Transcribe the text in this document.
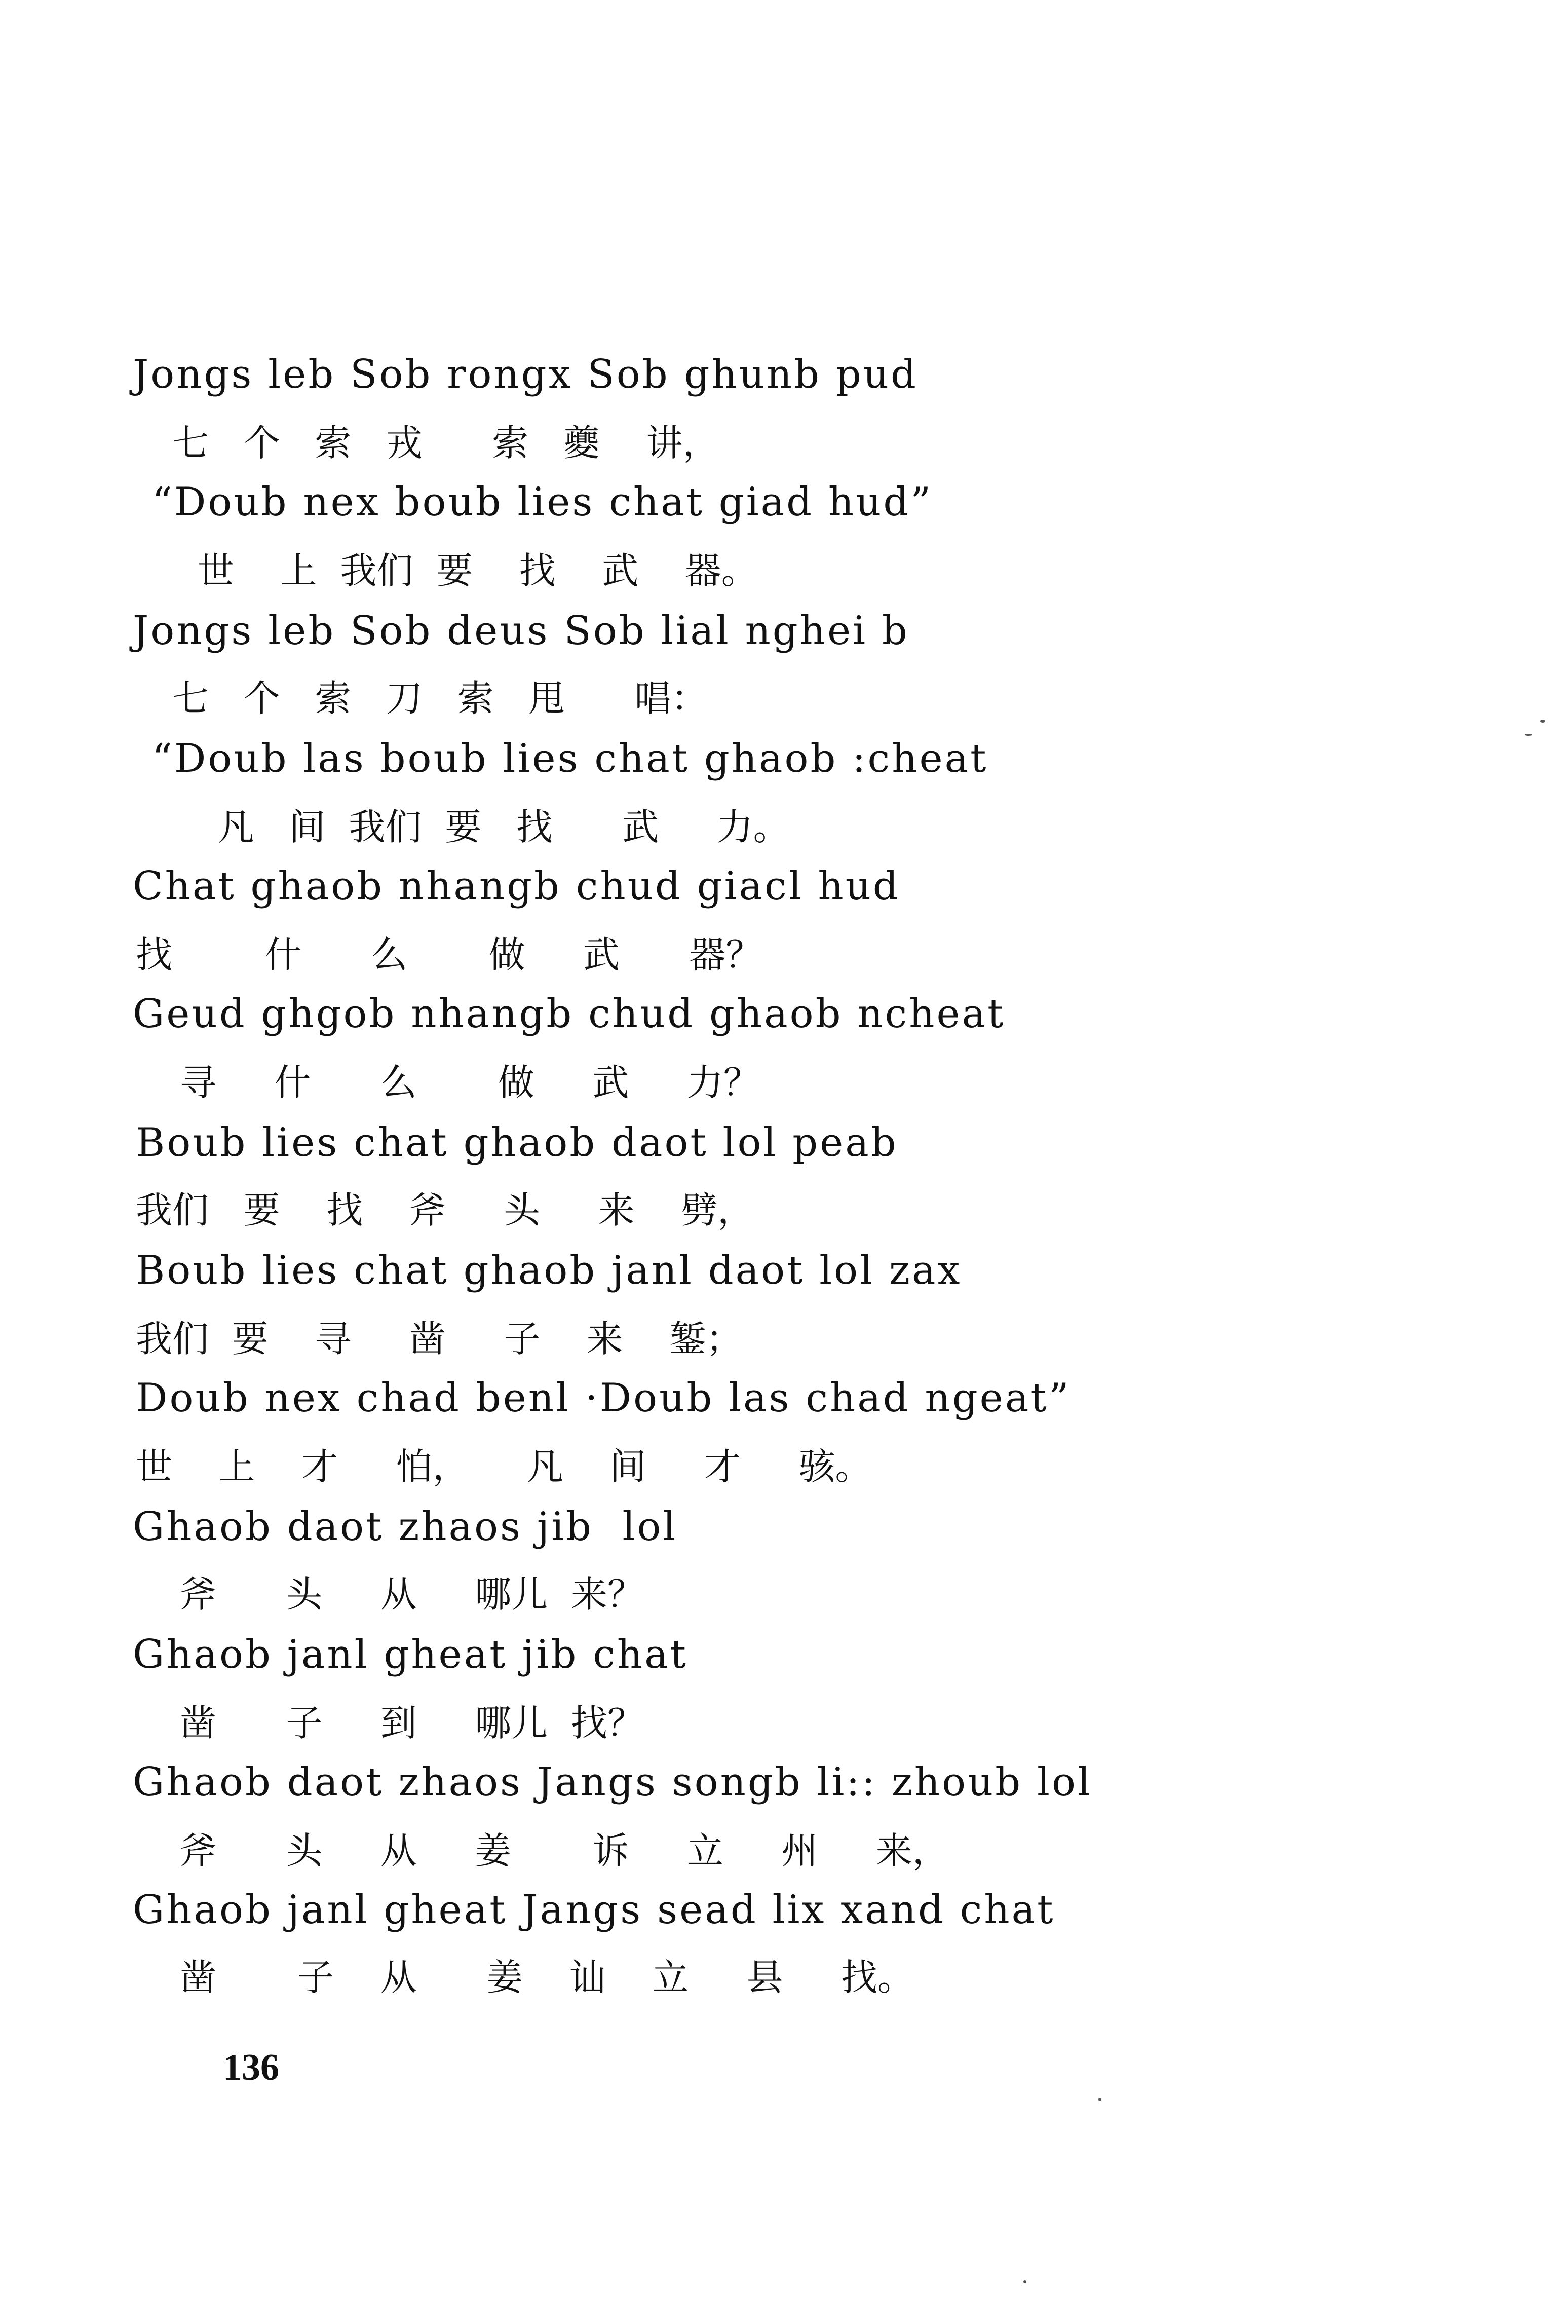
Jongs leb Sob rongx Sob ghunb pud
七   个   索   戎      索   夔    讲，
“Doub nex boub lies chat giad hud”
世    上  我们  要    找    武    器。
Jongs leb Sob deus Sob lial nghei b
七   个   索   刀   索   甩      唱：
“Doub las boub lies chat ghaob :cheat
凡   间  我们  要   找      武     力。
Chat ghaob nhangb chud giacl hud
找        什      么       做     武      器？
Geud ghgob nhangb chud ghaob ncheat
寻     什      么       做     武     力？
Boub lies chat ghaob daot lol peab
我们   要    找    斧     头     来    劈，
Boub lies chat ghaob janl daot lol zax
我们  要    寻     凿     子    来    錾；
Doub nex chad benl ·Doub las chad ngeat”
世    上    才     怕，     凡    间     才     骇。
Ghaob daot zhaos jib  lol
斧      头     从     哪儿  来？
Ghaob janl gheat jib chat
凿      子     到     哪儿  找？
Ghaob daot zhaos Jangs songb li:: zhoub lol
斧      头     从     姜       诉     立     州     来，
Ghaob janl gheat Jangs sead lix xand chat
凿       子    从      姜    讪    立     县     找。
136
